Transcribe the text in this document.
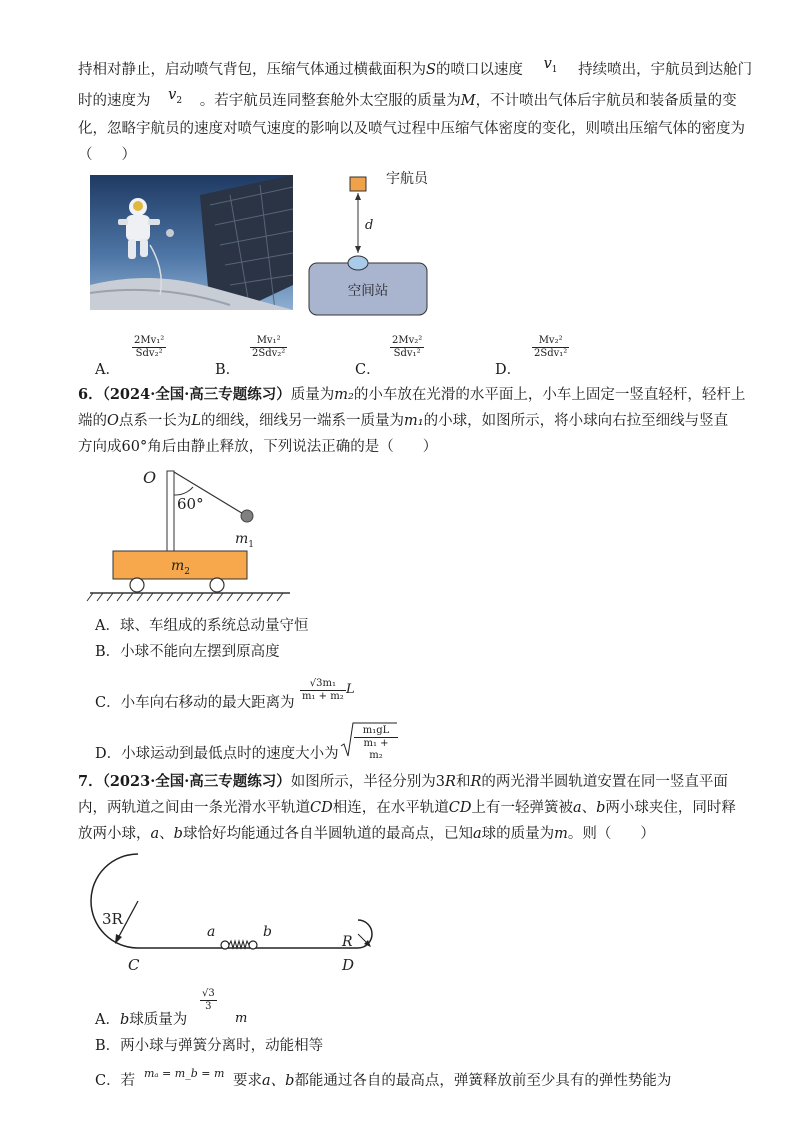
持相对静止，启动喷气背包，压缩气体通过横截面积为S的喷口以速度 $v_1$ 持续喷出，宇航员到达舱门
时的速度为 $v_2$ 。若宇航员连同整套舱外太空服的质量为M，不计喷出气体后宇航员和装备质量的变
化，忽略宇航员的速度对喷气速度的影响以及喷气过程中压缩气体密度的变化，则喷出压缩气体的密度为
（　　）
d
空间站
宇航员
A．
2Mv₁²
Sdv₂²
B．
Mv₁²
2Sdv₂²
C．
2Mv₂²
Sdv₁²
D．
Mv₂²
2Sdv₁²
6．（2024·全国·高三专题练习）质量为m₂的小车放在光滑的水平面上，小车上固定一竖直轻杆，轻杆上
端的O点系一长为L的细线，细线另一端系一质量为m₁的小球，如图所示，将小球向右拉至细线与竖直
方向成60°角后由静止释放，下列说法正确的是（　　）
O
60°
$m_1$
$m_2$
A．球、车组成的系统总动量守恒
B．小球不能向左摆到原高度
C．小车向右移动的最大距离为 $\frac{\text{√3m₁}}{\text{m₁ + m₂}}$ L
D．小球运动到最低点时的速度大小为 $\frac{\text{m₁gL}}{\text{m₁ + m₂}}$
7．（2023·全国·高三专题练习）如图所示，半径分别为3R和R的两光滑半圆轨道安置在同一竖直平面
内，两轨道之间由一条光滑水平轨道CD相连，在水平轨道CD上有一轻弹簧被a、b两小球夹住，同时释
放两小球，a、b球恰好均能通过各自半圆轨道的最高点，已知a球的质量为m。则（　　）
3R
R
a	b
C	D
A．b球质量为
$\frac{√3}{3}$
m
B．两小球与弹簧分离时，动能相等
C．若 mₐ = m_b = m 要求a、b都能通过各自的最高点，弹簧释放前至少具有的弹性势能为
